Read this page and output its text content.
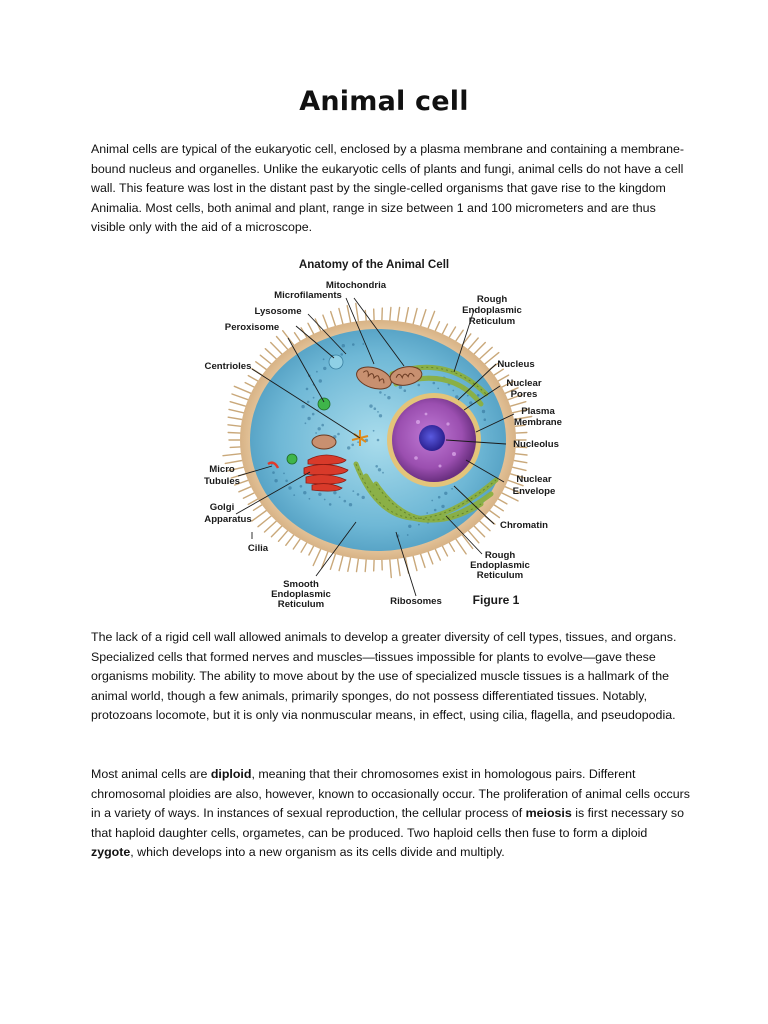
Animal cell

Animal cells are typical of the eukaryotic cell, enclosed by a plasma membrane and containing a membrane-bound nucleus and organelles. Unlike the eukaryotic cells of plants and fungi, animal cells do not have a cell wall. This feature was lost in the distant past by the single-celled organisms that gave rise to the kingdom Animalia. Most cells, both animal and plant, range in size between 1 and 100 micrometers and are thus visible only with the aid of a microscope.

Anatomy of the Animal Cell
Mitochondria
Microfilaments
Lysosome
Peroxisome
Centrioles
Micro
Tubules
Golgi
Apparatus
Cilia
Smooth
Endoplasmic
Reticulum	Ribosomes
Rough
Endoplasmic
Reticulum
Chromatin
Nuclear
Envelope
Nucleolus
Plasma
Membrane
Nuclear
Pores
Nucleus
Rough
Endoplasmic
Reticulum
Figure 1

The lack of a rigid cell wall allowed animals to develop a greater diversity of cell types, tissues, and organs. Specialized cells that formed nerves and muscles—tissues impossible for plants to evolve—gave these organisms mobility. The ability to move about by the use of specialized muscle tissues is a hallmark of the animal world, though a few animals, primarily sponges, do not possess differentiated tissues. Notably, protozoans locomote, but it is only via nonmuscular means, in effect, using cilia, flagella, and pseudopodia.

Most animal cells are diploid, meaning that their chromosomes exist in homologous pairs. Different chromosomal ploidies are also, however, known to occasionally occur. The proliferation of animal cells occurs in a variety of ways. In instances of sexual reproduction, the cellular process of meiosis is first necessary so that haploid daughter cells, orgametes, can be produced. Two haploid cells then fuse to form a diploid zygote, which develops into a new organism as its cells divide and multiply.
